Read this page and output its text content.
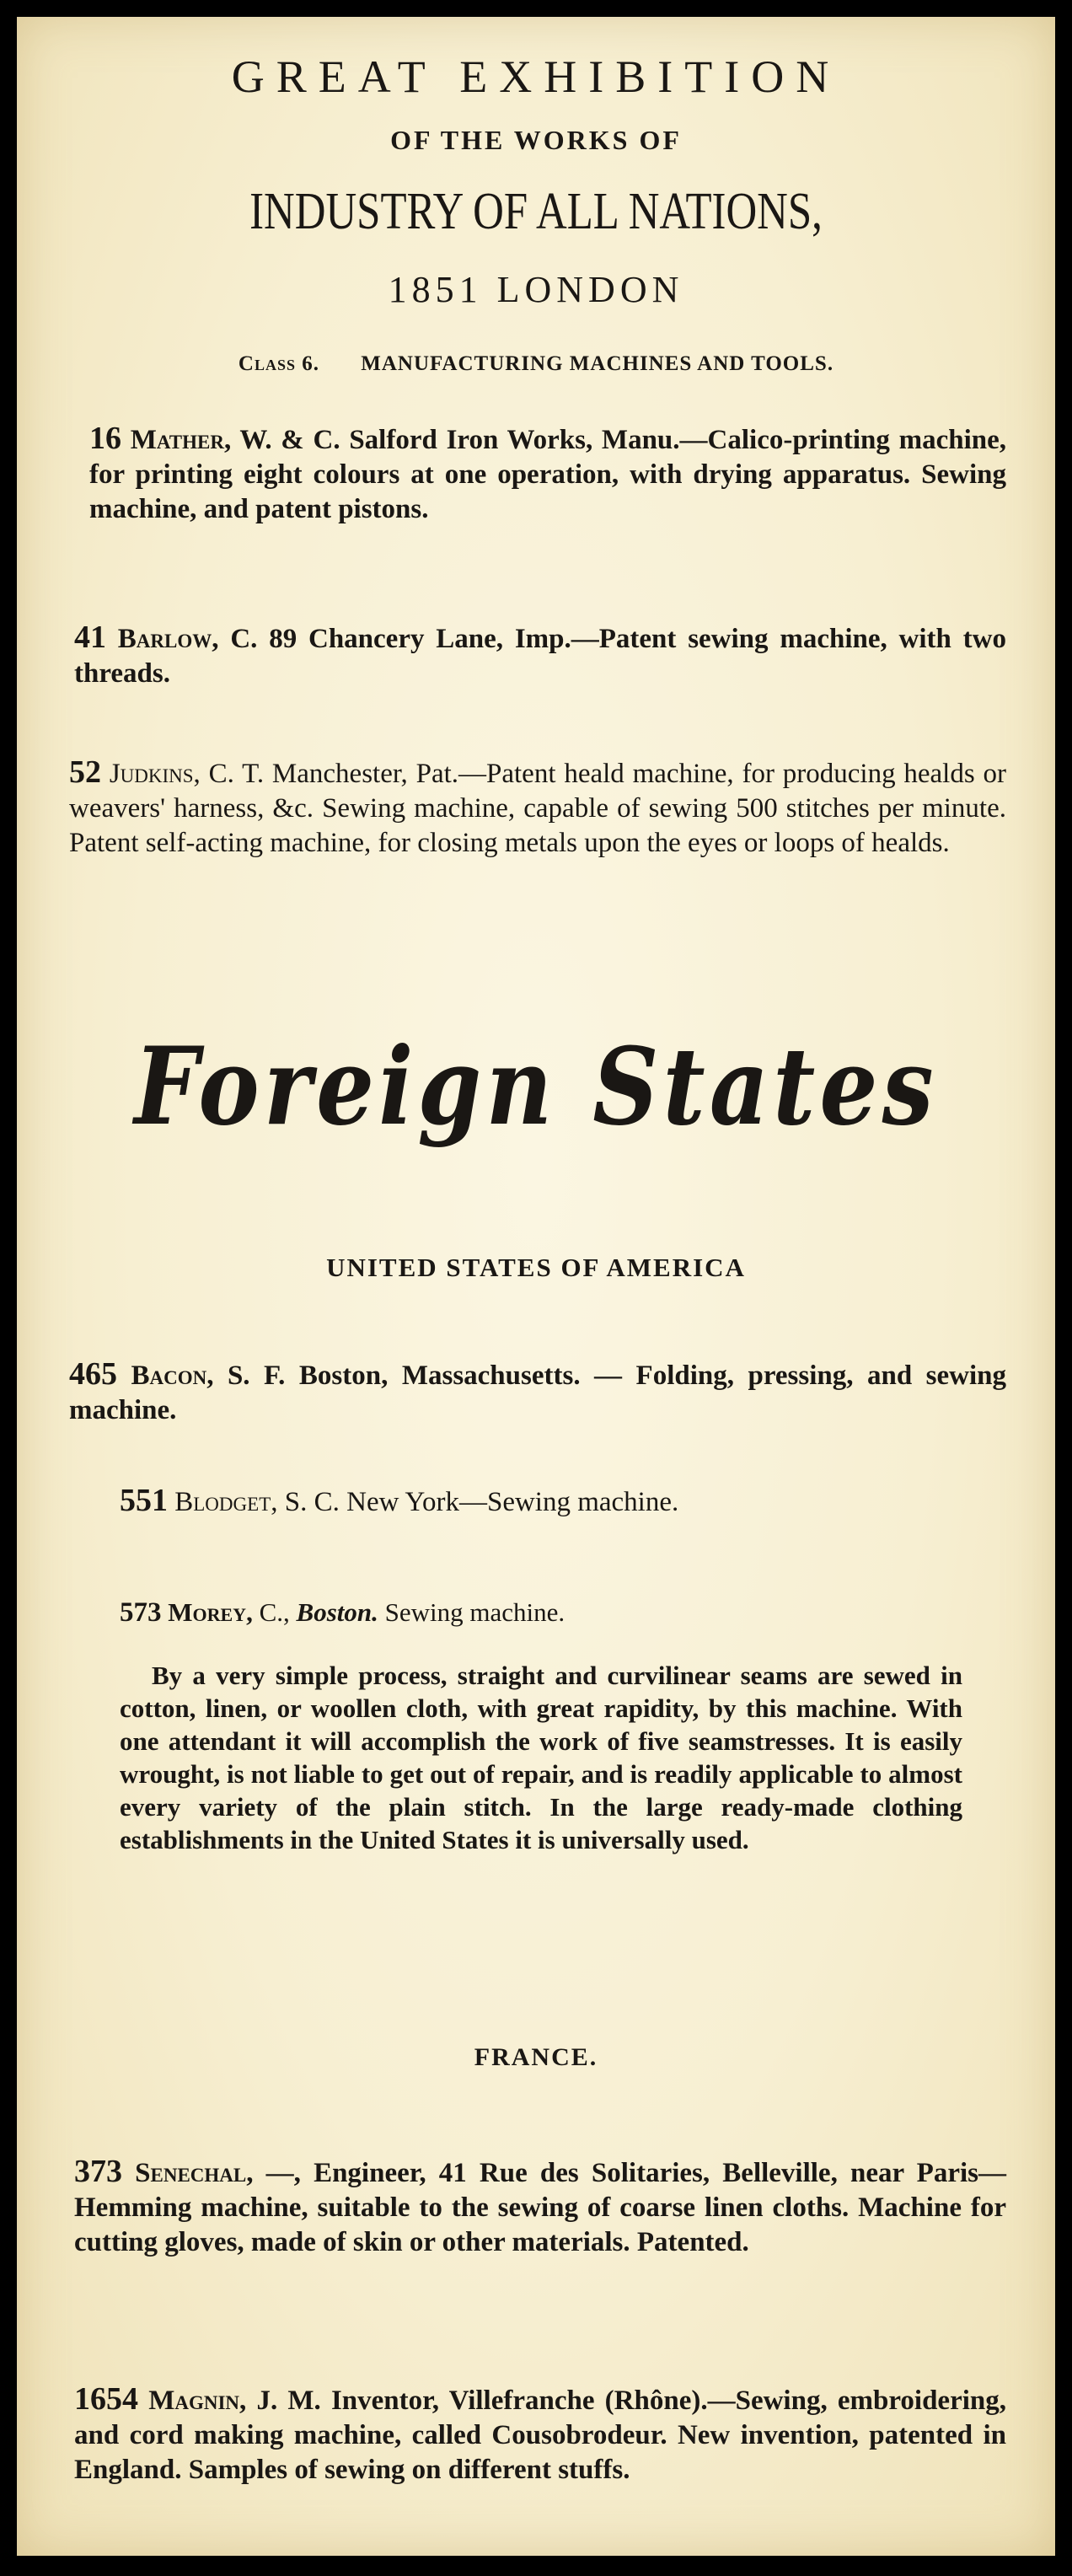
GREAT EXHIBITION
OF THE WORKS OF
INDUSTRY OF ALL NATIONS,
1851 LONDON
Class 6. MANUFACTURING MACHINES AND TOOLS.
16 Mather, W. & C. Salford Iron Works, Manu.—Calico-printing machine, for printing eight colours at one operation, with drying apparatus. Sewing machine, and patent pistons.
41 Barlow, C. 89 Chancery Lane, Imp.—Patent sewing machine, with two threads.
52 Judkins, C. T. Manchester, Pat.—Patent heald machine, for producing healds or weavers' harness, &c. Sewing machine, capable of sewing 500 stitches per minute. Patent self-acting machine, for closing metals upon the eyes or loops of healds.
Foreign States
UNITED STATES OF AMERICA
465 Bacon, S. F. Boston, Massachusetts. — Folding, pressing, and sewing machine.
551 Blodget, S. C. New York—Sewing machine.
573 Morey, C., Boston. Sewing machine.
By a very simple process, straight and curvilinear seams are sewed in cotton, linen, or woollen cloth, with great rapidity, by this machine. With one attendant it will accomplish the work of five seamstresses. It is easily wrought, is not liable to get out of repair, and is readily applicable to almost every variety of the plain stitch. In the large ready-made clothing establishments in the United States it is universally used.
FRANCE.
373 Senechal, —, Engineer, 41 Rue des Solitaries, Belleville, near Paris—Hemming machine, suitable to the sewing of coarse linen cloths. Machine for cutting gloves, made of skin or other materials. Patented.
1654 Magnin, J. M. Inventor, Villefranche (Rhône).—Sewing, embroidering, and cord making machine, called Cousobrodeur. New invention, patented in England. Samples of sewing on different stuffs.
